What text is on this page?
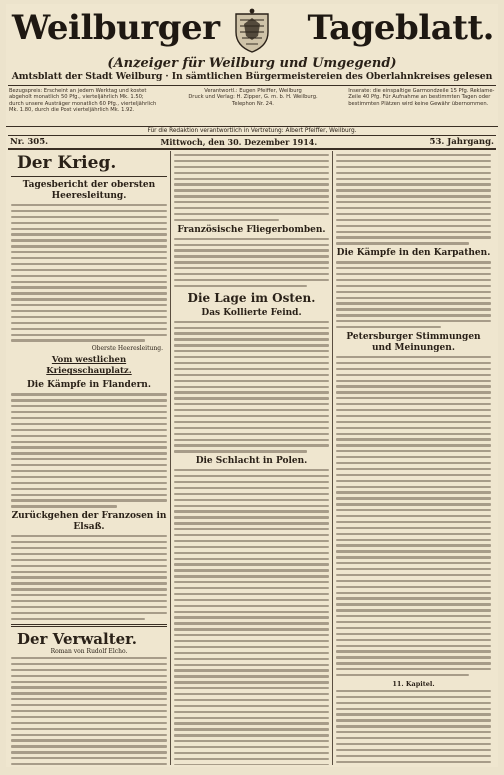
Weilburger	Tageblatt.
(Anzeiger für Weilburg und Umgegend)
Amtsblatt der Stadt Weilburg · In sämtlichen Bürgermeistereien des Oberlahnkreises gelesen
Bezugspreis: Erscheint an jedem Werktag und kostet abgeholt monatlich 50 Pfg., vierteljährlich Mk. 1.50; durch unsere Austräger monatlich 60 Pfg., vierteljährlich Mk. 1.80, durch die Post vierteljährlich Mk. 1.92.
Verantwortl.: Eugen Pfeiffer, Weilburg
Druck und Verlag: H. Zipper, G. m. b. H. Weilburg.
Telephon Nr. 24.
Inserate: die einspaltige Garmondzeile 15 Pfg. Reklame-Zeile 40 Pfg. Für Aufnahme an bestimmten Tagen oder bestimmten Plätzen wird keine Gewähr übernommen.
Für die Redaktion verantwortlich in Vertretung: Albert Pfeiffer, Weilburg.
Nr. 305.	Mittwoch, den 30. Dezember 1914.	53. Jahrgang.
Der Krieg.
Tagesbericht der obersten Heeresleitung.
Oberste Heeresleitung.
Vom westlichen Kriegsschauplatz.
Die Kämpfe in Flandern.
Zurückgehen der Franzosen in Elsaß.
Der Verwalter.
Roman von Rudolf Elcho.
Französische Fliegerbomben.
Die Lage im Osten.
Das Kollierte Feind.
Die Schlacht in Polen.
Die Kämpfe in den Karpathen.
Petersburger Stimmungen und Meinungen.
11. Kapitel.
